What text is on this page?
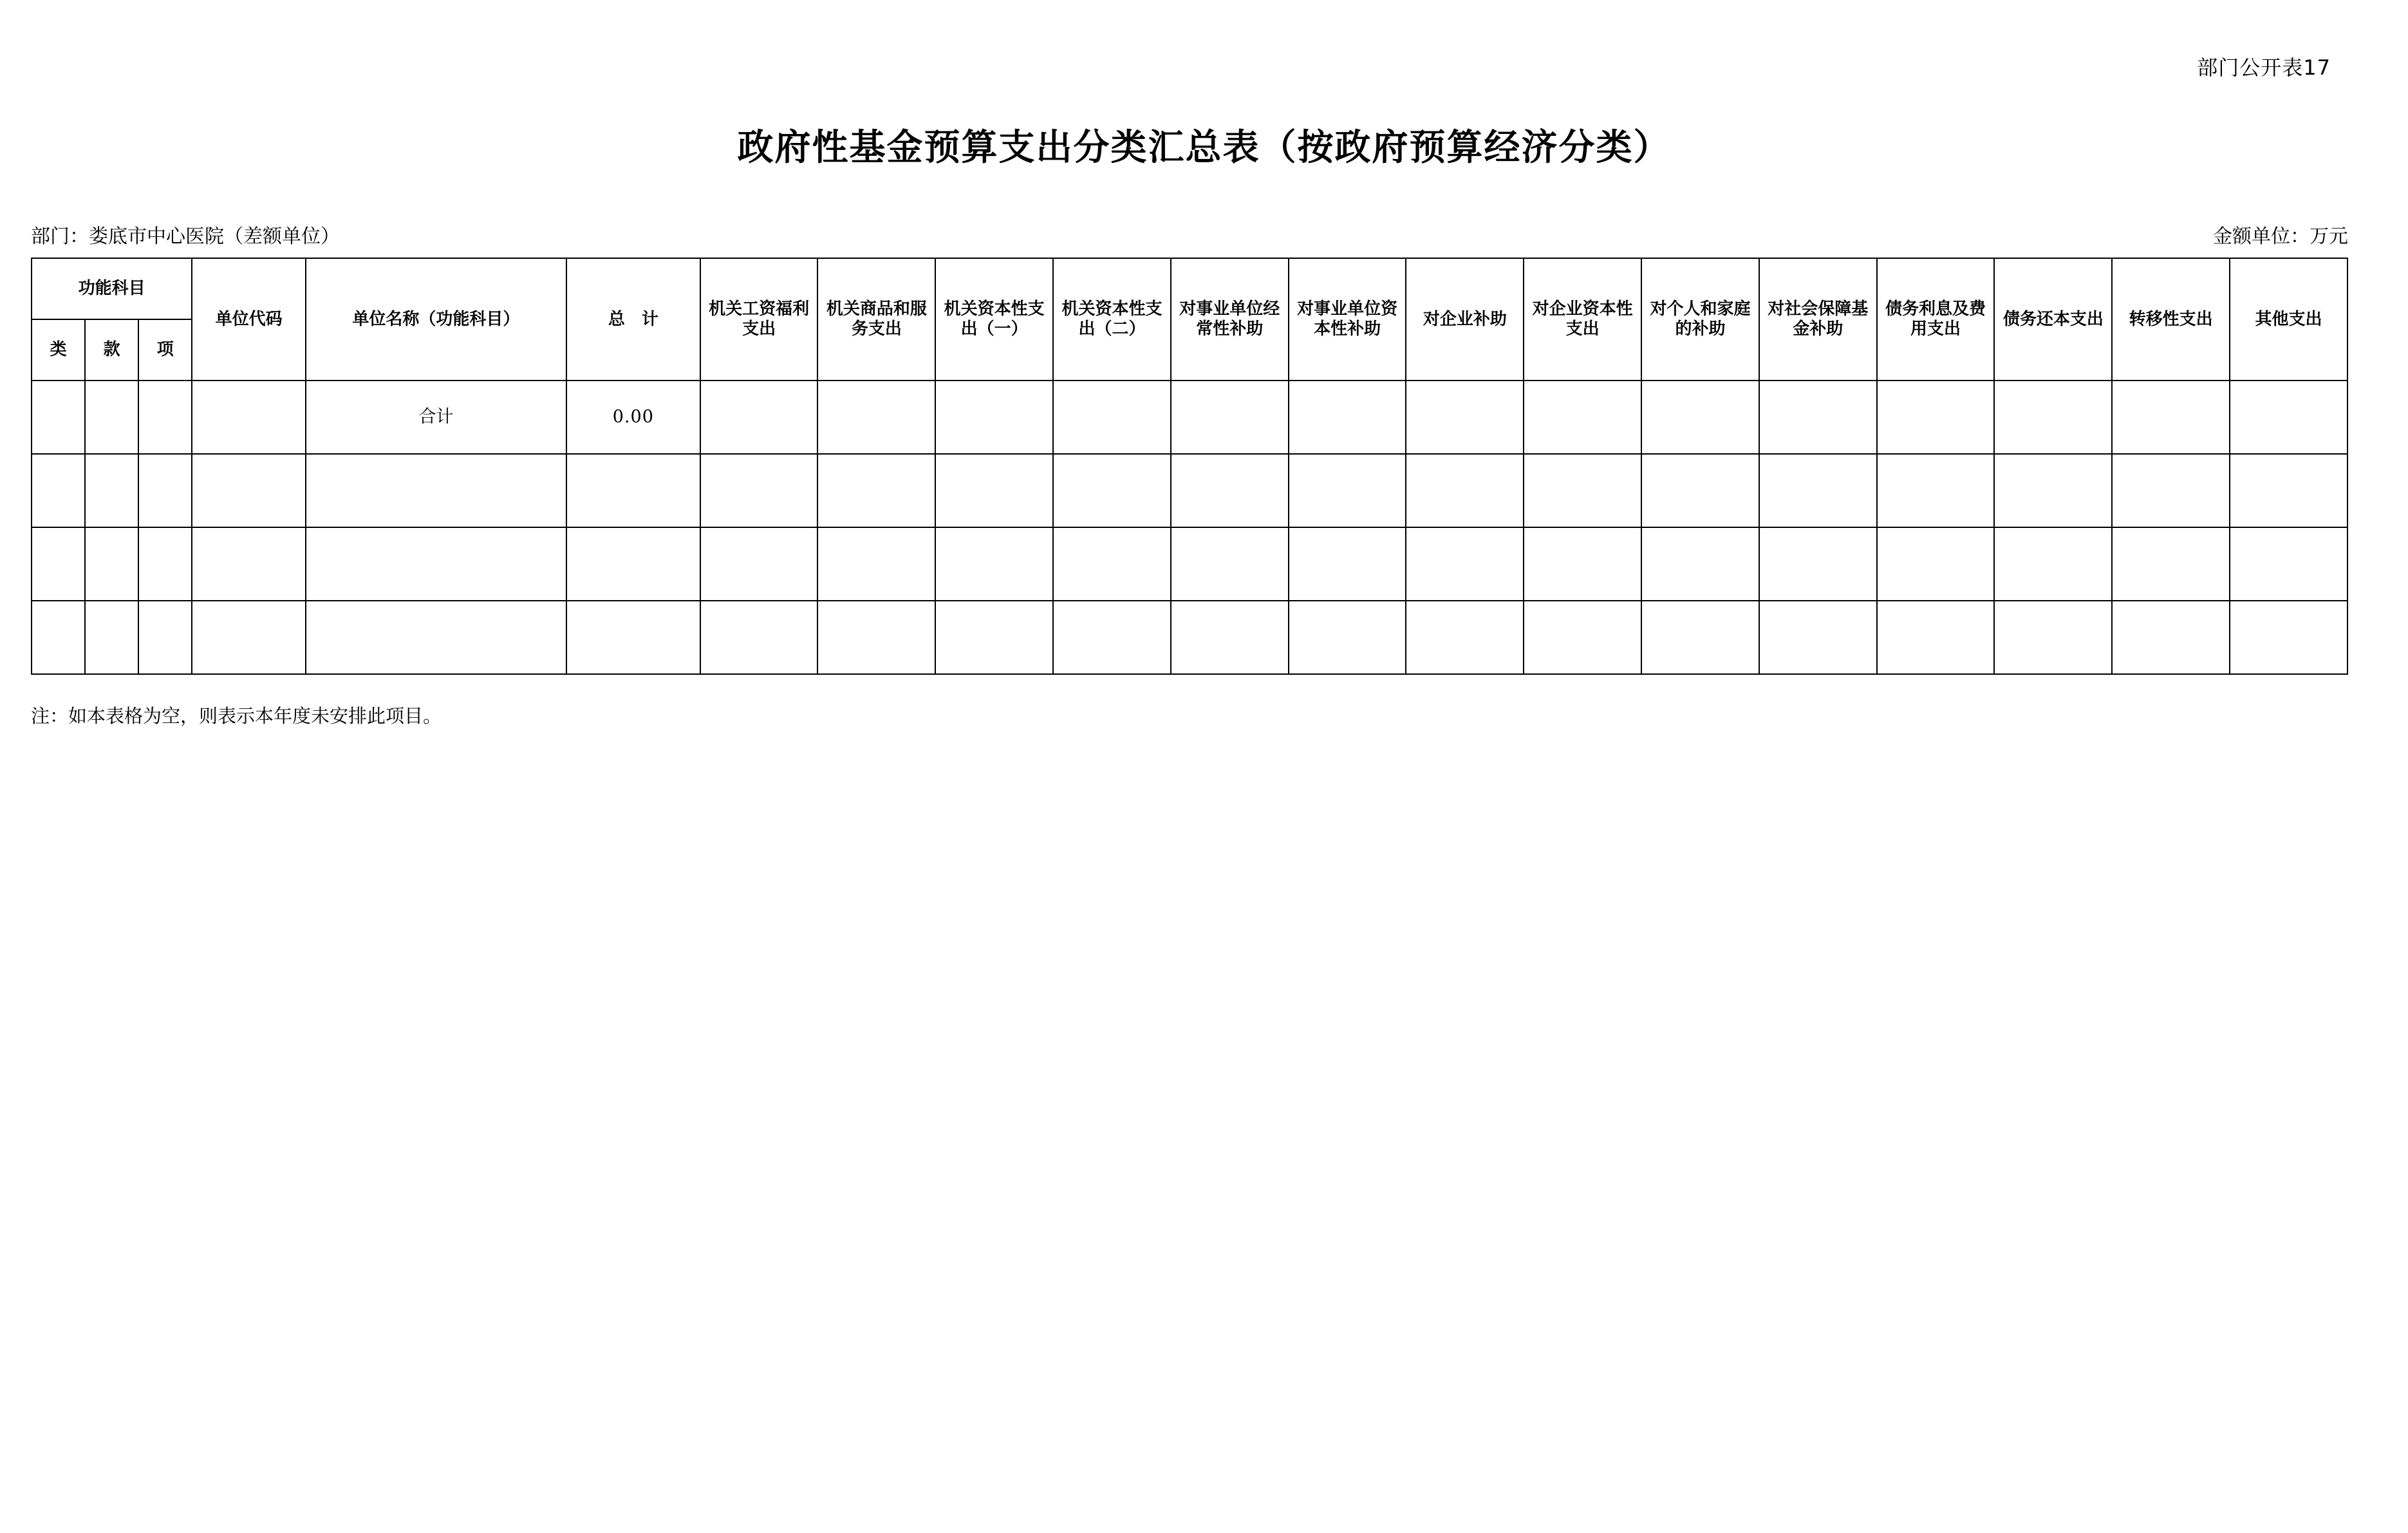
部门公开表17
政府性基金预算支出分类汇总表（按政府预算经济分类）
部门：娄底市中心医院（差额单位）	金额单位：万元
功能科目			单位代码	单位名称（功能科目）	总　计	机关工资福利支出	机关商品和服务支出	机关资本性支出（一）	机关资本性支出（二）	对事业单位经常性补助	对事业单位资本性补助	对企业补助	对企业资本性支出	对个人和家庭的补助	对社会保障基金补助	债务利息及费用支出	债务还本支出	转移性支出	其他支出
类	款	项																	
				合计	0.00														

注：如本表格为空，则表示本年度未安排此项目。
